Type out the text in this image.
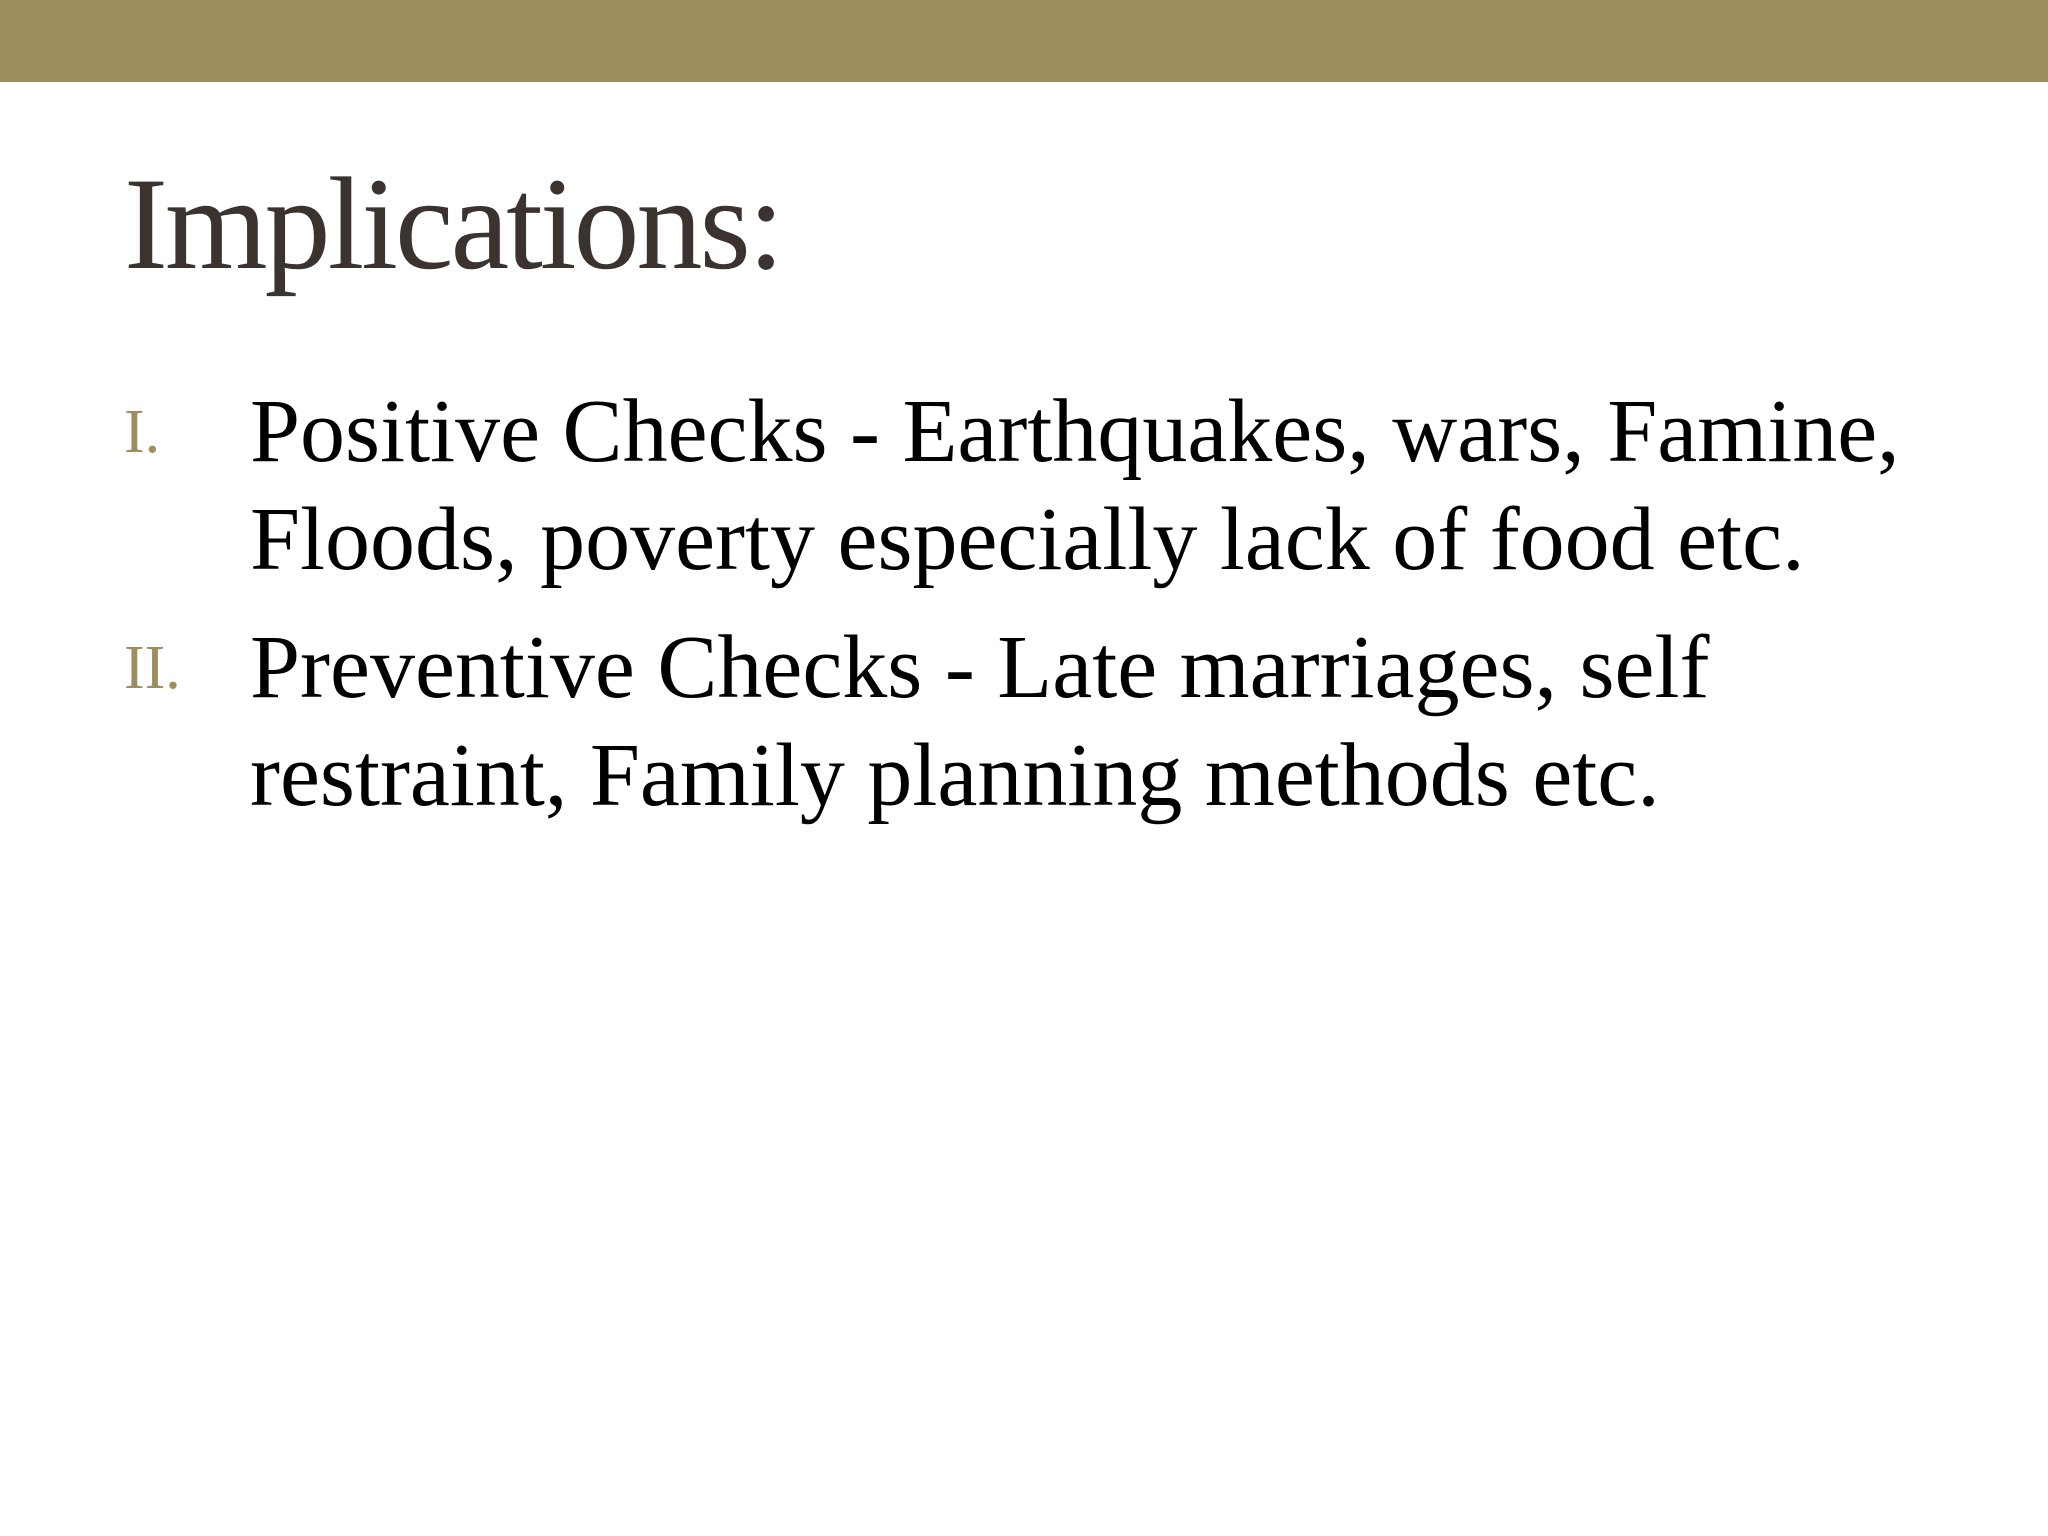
Implications:
I. Positive Checks - Earthquakes, wars, Famine, Floods, poverty especially lack of food etc.
II. Preventive Checks - Late marriages, self restraint, Family planning methods etc.
